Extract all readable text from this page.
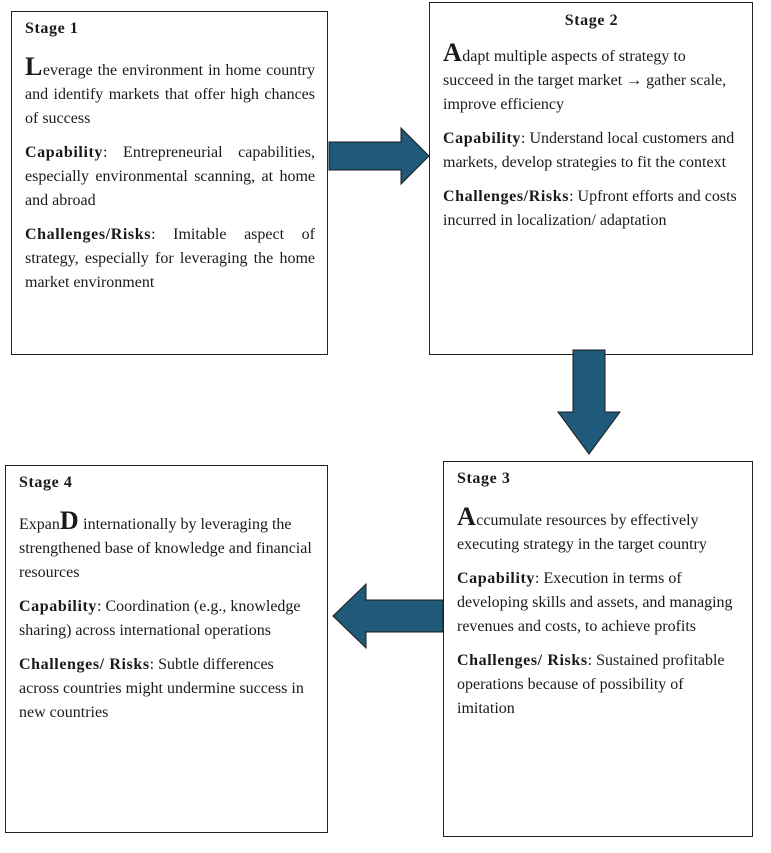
Stage 1

Leverage the environment in home country and identify markets that offer high chances of success

Capability: Entrepreneurial capabilities, especially environmental scanning, at home and abroad

Challenges/Risks: Imitable aspect of strategy, especially for leveraging the home market environment

Stage 2

Adapt multiple aspects of strategy to succeed in the target market → gather scale, improve efficiency

Capability: Understand local customers and markets, develop strategies to fit the context

Challenges/Risks: Upfront efforts and costs incurred in localization/ adaptation

Stage 3

Accumulate resources by effectively executing strategy in the target country

Capability: Execution in terms of developing skills and assets, and managing revenues and costs, to achieve profits

Challenges/ Risks: Sustained profitable operations because of possibility of imitation

Stage 4

ExpanD internationally by leveraging the strengthened base of knowledge and financial resources

Capability: Coordination (e.g., knowledge sharing) across international operations

Challenges/ Risks: Subtle differences across countries might undermine success in new countries
